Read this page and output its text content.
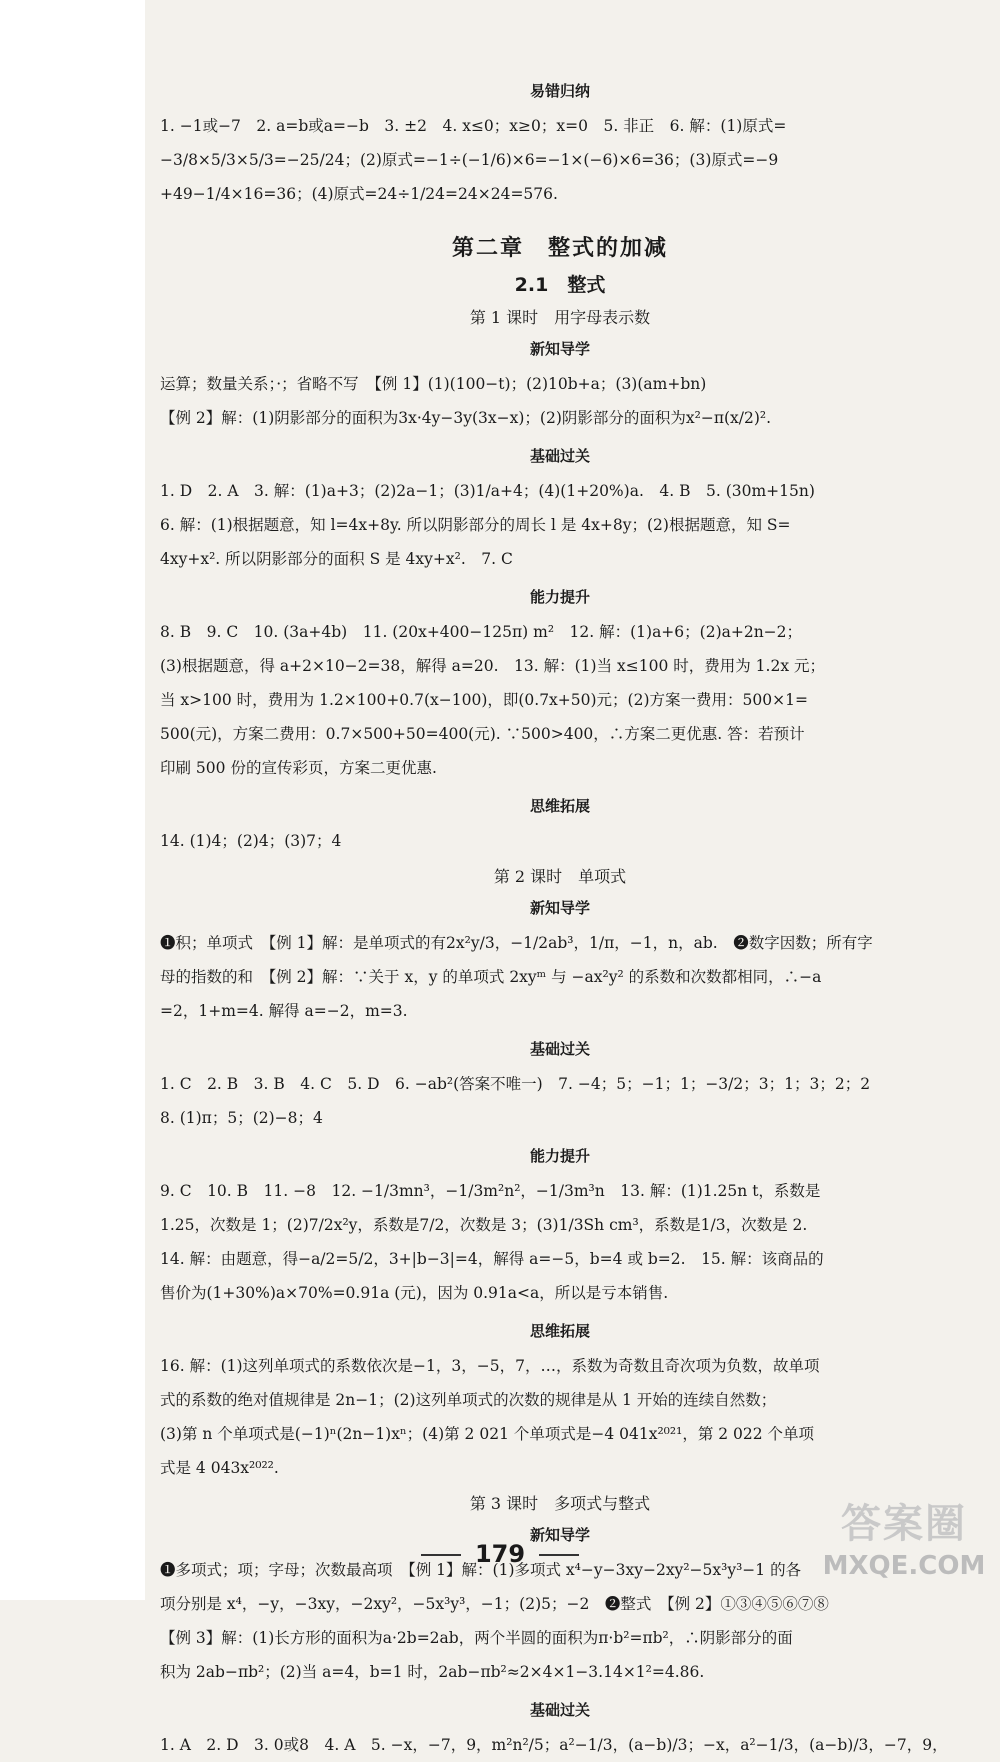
易错归纳

1. −1或−7　2. a=b或a=−b　3. ±2　4. x≤0；x≥0；x=0　5. 非正　6. 解：(1)原式=

−3/8×5/3×5/3=−25/24；(2)原式=−1÷(−1/6)×6=−1×(−6)×6=36；(3)原式=−9

+49−1/4×16=36；(4)原式=24÷1/24=24×24=576.

第二章　整式的加减
2.1　整式
第 1 课时　用字母表示数
新知导学

运算；数量关系；·；省略不写　【例 1】(1)(100−t)；(2)10b+a；(3)(am+bn)

【例 2】解：(1)阴影部分的面积为3x·4y−3y(3x−x)；(2)阴影部分的面积为x²−π(x/2)².

基础过关

1. D　2. A　3. 解：(1)a+3；(2)2a−1；(3)1/a+4；(4)(1+20%)a.　4. B　5. (30m+15n)

6. 解：(1)根据题意，知 l=4x+8y. 所以阴影部分的周长 l 是 4x+8y；(2)根据题意，知 S=

4xy+x². 所以阴影部分的面积 S 是 4xy+x².　7. C

能力提升

8. B　9. C　10. (3a+4b)　11. (20x+400−125π) m²　12. 解：(1)a+6；(2)a+2n−2；

(3)根据题意，得 a+2×10−2=38，解得 a=20.　13. 解：(1)当 x≤100 时，费用为 1.2x 元；

当 x>100 时，费用为 1.2×100+0.7(x−100)，即(0.7x+50)元；(2)方案一费用：500×1=

500(元)，方案二费用：0.7×500+50=400(元). ∵500>400，∴方案二更优惠. 答：若预计

印刷 500 份的宣传彩页，方案二更优惠.

思维拓展

14. (1)4；(2)4；(3)7；4

第 2 课时　单项式
新知导学

❶积；单项式　【例 1】解：是单项式的有2x²y/3，−1/2ab³，1/π，−1，n，ab.　❷数字因数；所有字

母的指数的和　【例 2】解：∵关于 x，y 的单项式 2xyᵐ 与 −ax²y² 的系数和次数都相同，∴−a

=2，1+m=4. 解得 a=−2，m=3.

基础过关

1. C　2. B　3. B　4. C　5. D　6. −ab²(答案不唯一)　7. −4；5；−1；1；−3/2；3；1；3；2；2

8. (1)π；5；(2)−8；4

能力提升

9. C　10. B　11. −8　12. −1/3mn³，−1/3m²n²，−1/3m³n　13. 解：(1)1.25n t，系数是

1.25，次数是 1；(2)7/2x²y，系数是7/2，次数是 3；(3)1/3Sh cm³，系数是1/3，次数是 2.

14. 解：由题意，得−a/2=5/2，3+|b−3|=4，解得 a=−5，b=4 或 b=2.　15. 解：该商品的

售价为(1+30%)a×70%=0.91a (元)，因为 0.91a<a，所以是亏本销售.

思维拓展

16. 解：(1)这列单项式的系数依次是−1，3，−5，7，…，系数为奇数且奇次项为负数，故单项

式的系数的绝对值规律是 2n−1；(2)这列单项式的次数的规律是从 1 开始的连续自然数；

(3)第 n 个单项式是(−1)ⁿ(2n−1)xⁿ；(4)第 2 021 个单项式是−4 041x²⁰²¹，第 2 022 个单项

式是 4 043x²⁰²².

第 3 课时　多项式与整式
新知导学

❶多项式；项；字母；次数最高项　【例 1】解：(1)多项式 x⁴−y−3xy−2xy²−5x³y³−1 的各

项分别是 x⁴，−y，−3xy，−2xy²，−5x³y³，−1；(2)5；−2　❷整式　【例 2】①③④⑤⑥⑦⑧

【例 3】解：(1)长方形的面积为a·2b=2ab，两个半圆的面积为π·b²=πb²，∴阴影部分的面

积为 2ab−πb²；(2)当 a=4，b=1 时，2ab−πb²≈2×4×1−3.14×1²=4.86.

基础过关

1. A　2. D　3. 0或8　4. A　5. −x，−7，9，m²n²/5；a²−1/3，(a−b)/3；−x，a²−1/3，(a−b)/3，−7，9，

179
答案圈
MXQE.COM
